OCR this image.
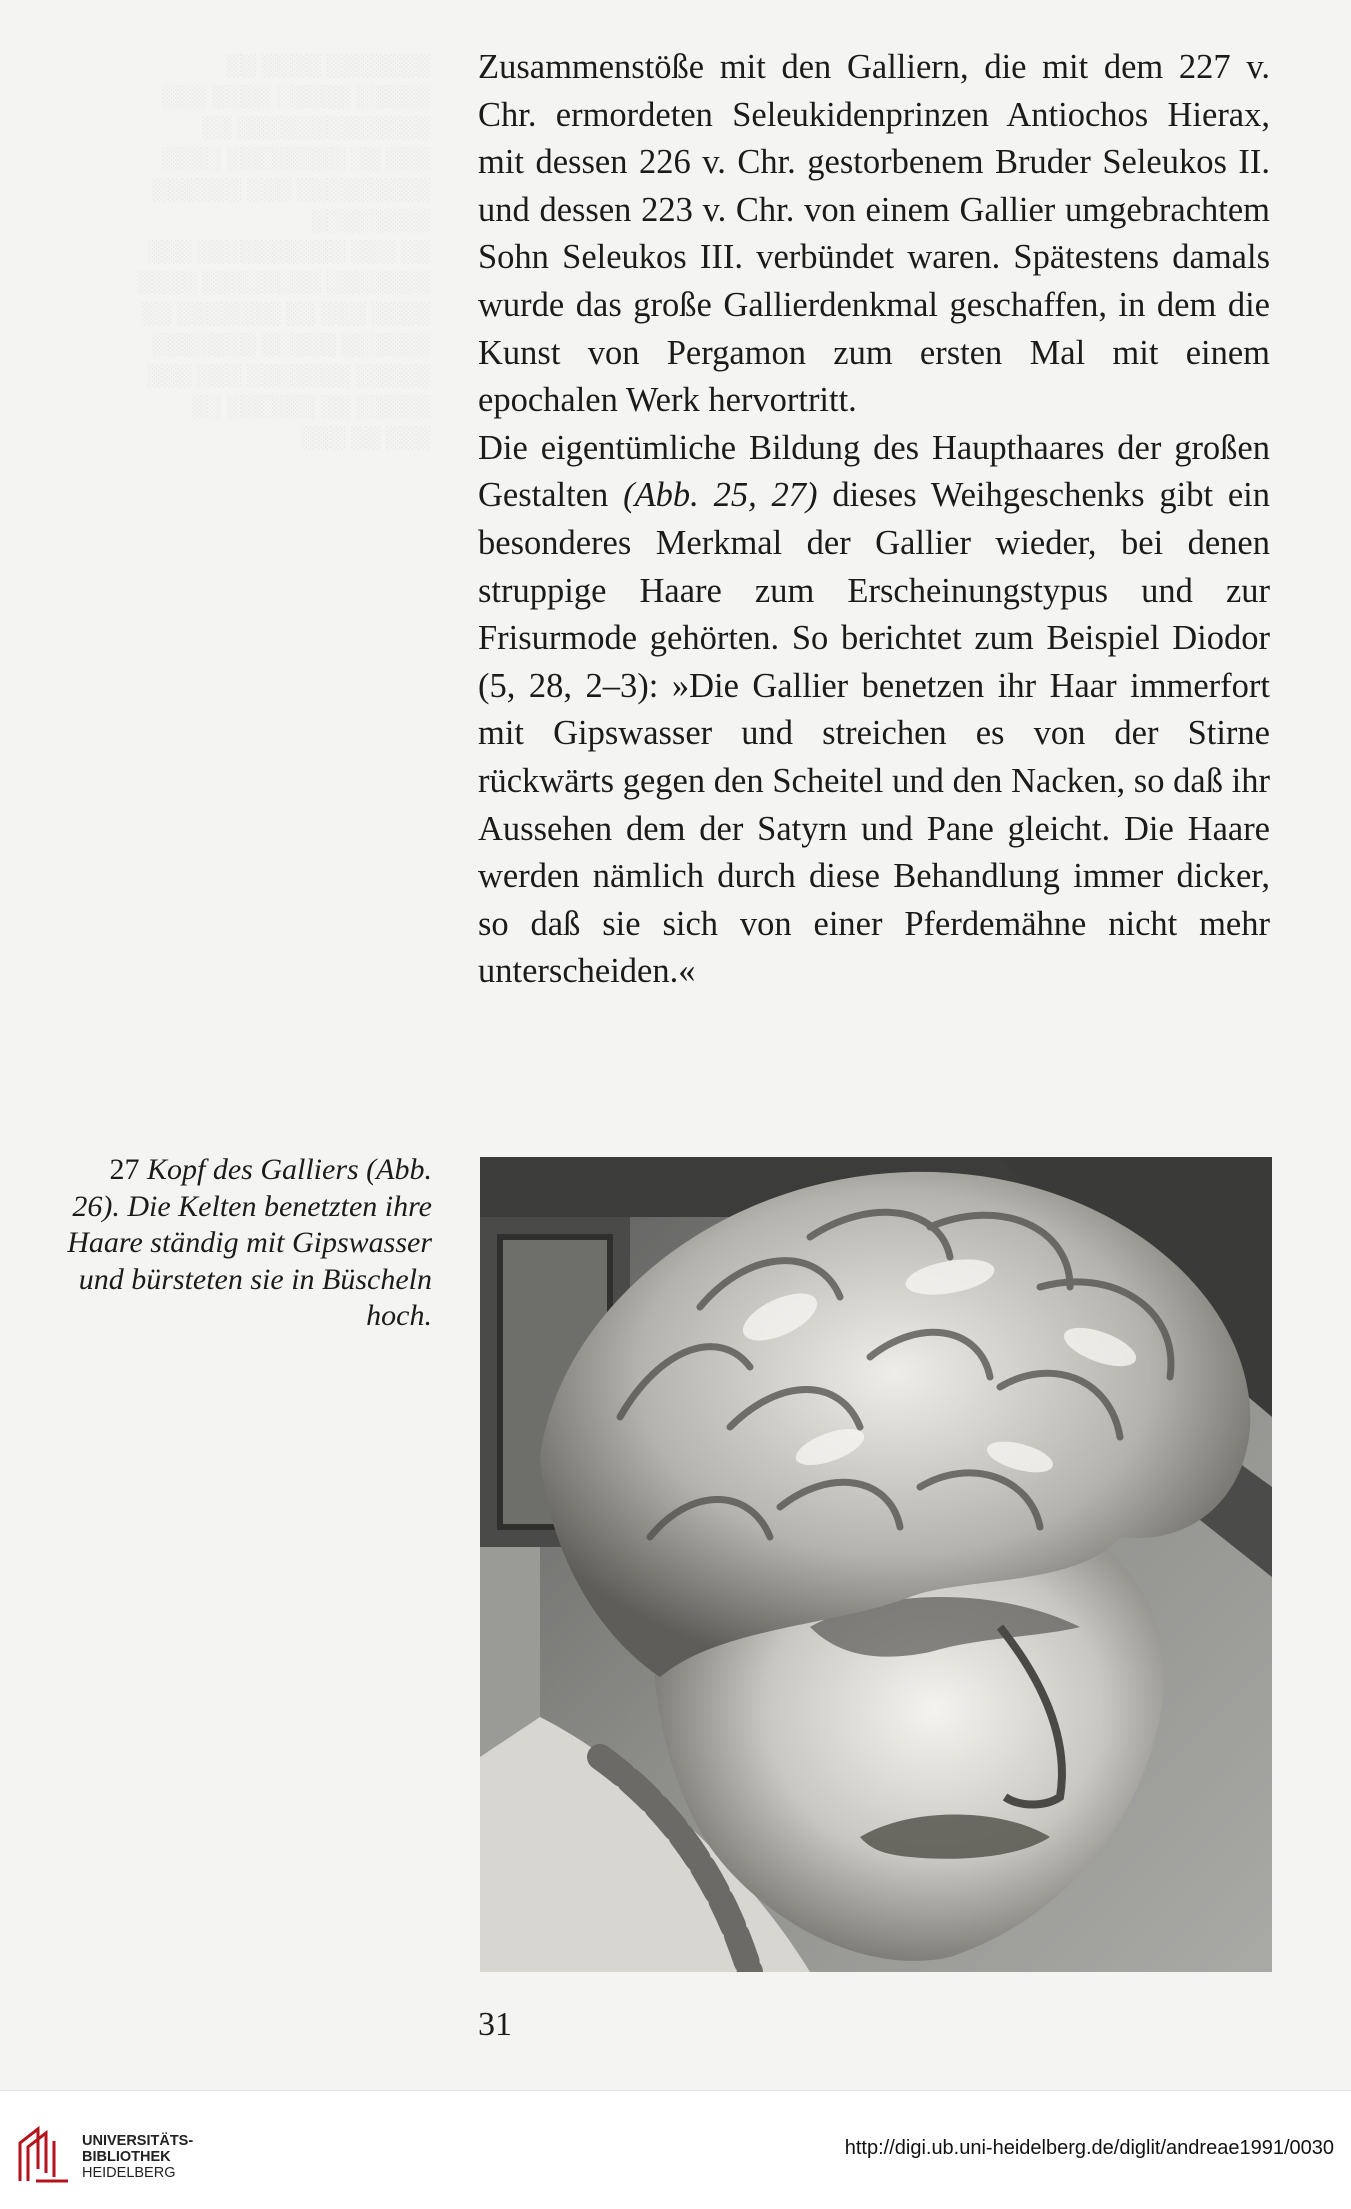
░░ ░░░░ ░░░░░░░
░░░ ░░░░ ░░░░░ ░░░░░
░░ ░░░░░░░░░░░░░
░░░░ ░░░░░░░░ ░░ ░░░
░░░░░░ ░░░ ░░░░░░░░░
░░░░░░░░
░░░ ░░░░░░░░░░ ░░░ ░░
░░░░ ░░░░░░░░ ░░░░░░░
░░ ░░░░░░░ ░░ ░░░ ░░░░
░░░░░░░ ░░░░░ ░░░░░░
░░░ ░░░ ░░░░░░░ ░░░░░
░░ ░░░░░░ ░░ ░░░░░
░░░ ░░ ░░░

Zusammenstöße mit den Galliern, die mit dem 227 v. Chr. ermordeten Seleukidenprinzen Antiochos Hierax, mit dessen 226 v. Chr. gestorbenem Bruder Seleukos II. und dessen 223 v. Chr. von einem Gallier umgebrachtem Sohn Seleukos III. verbündet waren. Spätestens damals wurde das große Gallierdenkmal geschaffen, in dem die Kunst von Pergamon zum ersten Mal mit einem epochalen Werk hervortritt.

Die eigentümliche Bildung des Haupthaares der großen Gestalten (Abb. 25, 27) dieses Weihgeschenks gibt ein besonderes Merkmal der Gallier wieder, bei denen struppige Haare zum Erscheinungstypus und zur Frisurmode gehörten. So berichtet zum Beispiel Diodor (5, 28, 2–3): »Die Gallier benetzen ihr Haar immerfort mit Gipswasser und streichen es von der Stirne rückwärts gegen den Scheitel und den Nacken, so daß ihr Aussehen dem der Satyrn und Pane gleicht. Die Haare werden nämlich durch diese Behandlung immer dicker, so daß sie sich von einer Pferdemähne nicht mehr unterscheiden.«

27 Kopf des Galliers (Abb. 26). Die Kelten benetzten ihre Haare ständig mit Gipswasser und bürsteten sie in Büscheln hoch.
31
UNIVERSITÄTS-
BIBLIOTHEK
HEIDELBERG
http://digi.ub.uni-heidelberg.de/diglit/andreae1991/0030
